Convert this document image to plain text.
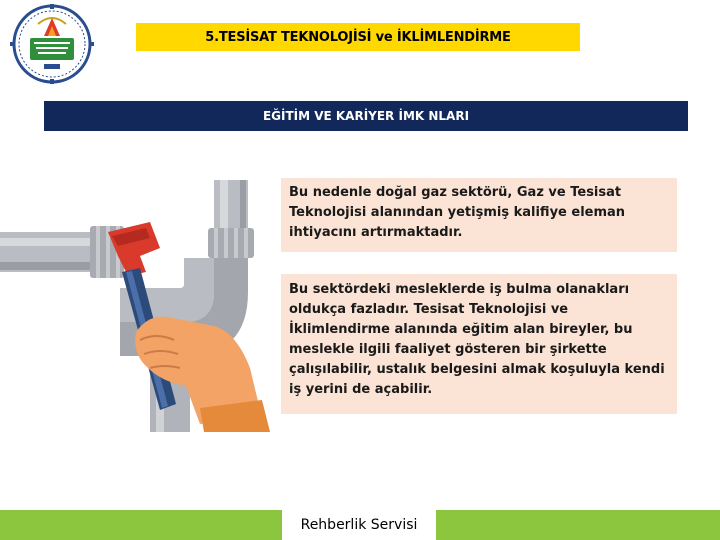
5.TESİSAT TEKNOLOJİSİ ve İKLİMLENDİRME
EĞİTİM VE KARİYER İMK NLARI
Bu nedenle doğal gaz sektörü, Gaz ve Tesisat Teknolojisi alanından yetişmiş kalifiye eleman ihtiyacını artırmaktadır.
Bu sektördeki mesleklerde iş bulma olanakları oldukça fazladır. Tesisat Teknolojisi ve İklimlendirme alanında eğitim alan bireyler, bu meslekle ilgili faaliyet gösteren bir şirkette çalışılabilir, ustalık belgesini almak koşuluyla kendi iş yerini de açabilir.
Rehberlik Servisi
